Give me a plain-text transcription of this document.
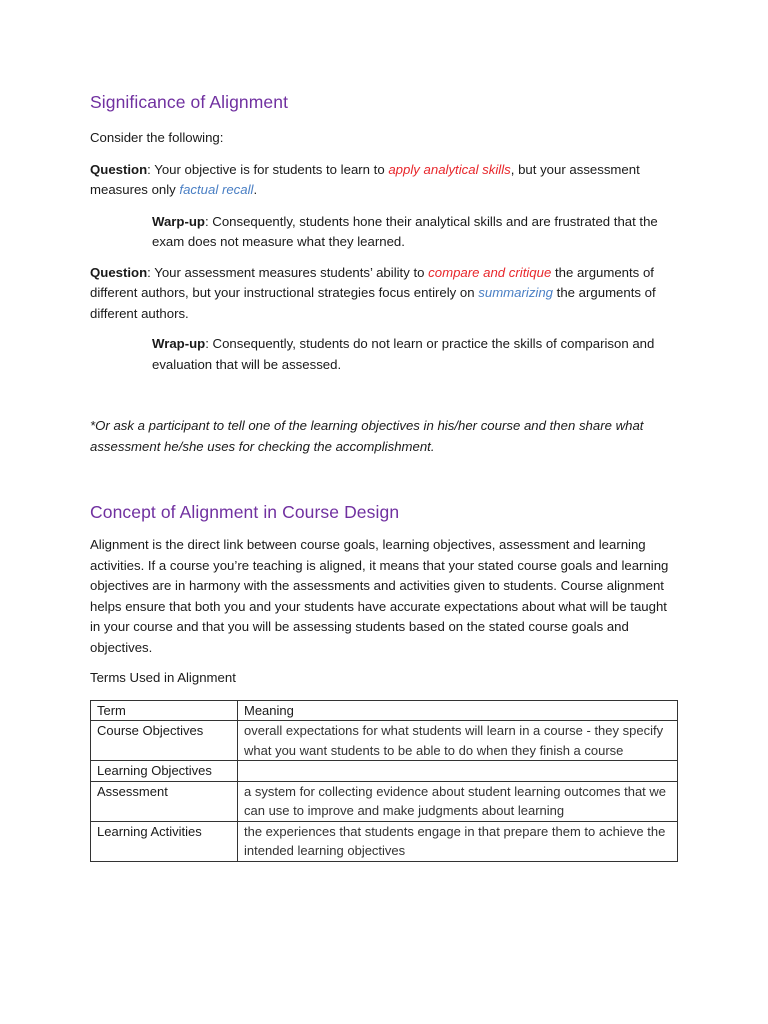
Significance of Alignment

Consider the following:

Question: Your objective is for students to learn to apply analytical skills, but your assessment measures only factual recall.

Warp-up: Consequently, students hone their analytical skills and are frustrated that the exam does not measure what they learned.

Question: Your assessment measures students’ ability to compare and critique the arguments of different authors, but your instructional strategies focus entirely on summarizing the arguments of different authors.

Wrap-up: Consequently, students do not learn or practice the skills of comparison and evaluation that will be assessed.

*Or ask a participant to tell one of the learning objectives in his/her course and then share what assessment he/she uses for checking the accomplishment.

Concept of Alignment in Course Design

Alignment is the direct link between course goals, learning objectives, assessment and learning activities. If a course you’re teaching is aligned, it means that your stated course goals and learning objectives are in harmony with the assessments and activities given to students. Course alignment helps ensure that both you and your students have accurate expectations about what will be taught in your course and that you will be assessing students based on the stated course goals and objectives.

Terms Used in Alignment

Term	Meaning
Course Objectives	overall expectations for what students will learn in a course - they specify what you want students to be able to do when they finish a course
Learning Objectives	
Assessment	a system for collecting evidence about student learning outcomes that we can use to improve and make judgments about learning
Learning Activities	the experiences that students engage in that prepare them to achieve the intended learning objectives
